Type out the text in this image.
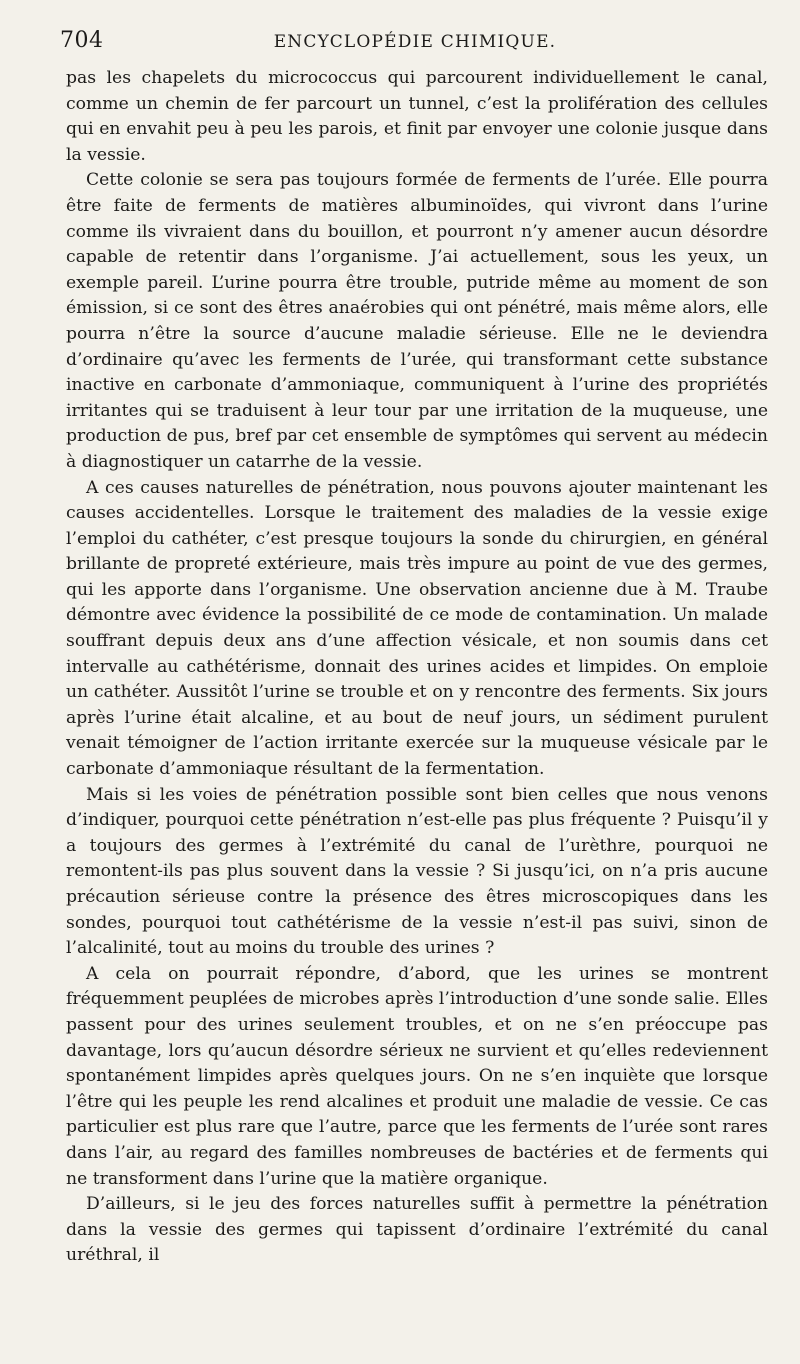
704	ENCYCLOPÉDIE CHIMIQUE.

pas les chapelets du micrococcus qui parcourent individuellement le canal, comme un chemin de fer parcourt un tunnel, c’est la prolifération des cellules qui en envahit peu à peu les parois, et finit par envoyer une colonie jusque dans la vessie.

Cette colonie se sera pas toujours formée de ferments de l’urée. Elle pourra être faite de ferments de matières albuminoïdes, qui vivront dans l’urine comme ils vivraient dans du bouillon, et pourront n’y amener aucun désordre capable de retentir dans l’organisme. J’ai actuellement, sous les yeux, un exemple pareil. L’urine pourra être trouble, putride même au moment de son émission, si ce sont des êtres anaérobies qui ont pénétré, mais même alors, elle pourra n’être la source d’aucune maladie sérieuse. Elle ne le deviendra d’ordinaire qu’avec les ferments de l’urée, qui transformant cette substance inactive en carbonate d’ammoniaque, communiquent à l’urine des propriétés irritantes qui se traduisent à leur tour par une irritation de la muqueuse, une production de pus, bref par cet ensemble de symptômes qui servent au médecin à diagnostiquer un catarrhe de la vessie.

A ces causes naturelles de pénétration, nous pouvons ajouter maintenant les causes accidentelles. Lorsque le traitement des maladies de la vessie exige l’emploi du cathéter, c’est presque toujours la sonde du chirurgien, en général brillante de propreté extérieure, mais très impure au point de vue des germes, qui les apporte dans l’organisme. Une observation ancienne due à M. Traube démontre avec évidence la possibilité de ce mode de contamination. Un malade souffrant depuis deux ans d’une affection vésicale, et non soumis dans cet intervalle au cathétérisme, donnait des urines acides et limpides. On emploie un cathéter. Aussitôt l’urine se trouble et on y rencontre des ferments. Six jours après l’urine était alcaline, et au bout de neuf jours, un sédiment purulent venait témoigner de l’action irritante exercée sur la muqueuse vésicale par le carbonate d’ammoniaque résultant de la fermentation.

Mais si les voies de pénétration possible sont bien celles que nous venons d’indiquer, pourquoi cette pénétration n’est-elle pas plus fréquente ? Puisqu’il y a toujours des germes à l’extrémité du canal de l’urèthre, pourquoi ne remontent-ils pas plus souvent dans la vessie ? Si jusqu’ici, on n’a pris aucune précaution sérieuse contre la présence des êtres microscopiques dans les sondes, pourquoi tout cathétérisme de la vessie n’est-il pas suivi, sinon de l’alcalinité, tout au moins du trouble des urines ?

A cela on pourrait répondre, d’abord, que les urines se montrent fréquemment peuplées de microbes après l’introduction d’une sonde salie. Elles passent pour des urines seulement troubles, et on ne s’en préoccupe pas davantage, lors qu’aucun désordre sérieux ne survient et qu’elles redeviennent spontanément limpides après quelques jours. On ne s’en inquiète que lorsque l’être qui les peuple les rend alcalines et produit une maladie de vessie. Ce cas particulier est plus rare que l’autre, parce que les ferments de l’urée sont rares dans l’air, au regard des familles nombreuses de bactéries et de ferments qui ne transforment dans l’urine que la matière organique.

D’ailleurs, si le jeu des forces naturelles suffit à permettre la pénétration dans la vessie des germes qui tapissent d’ordinaire l’extrémité du canal uréthral, il
